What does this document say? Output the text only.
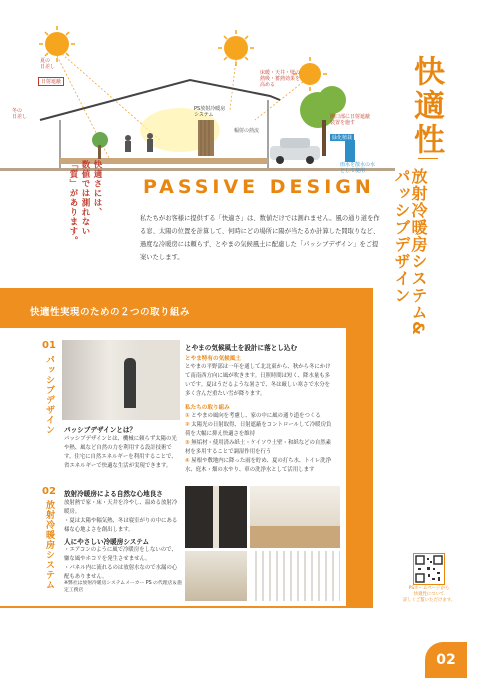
夏の
日差し
冬の
日差し
日射遮蔽
床暖・天井・壁の
熱吸・蓄熱効果を
高める
開口部に日射遮蔽
装置を施す
緑化植栽
PS放射冷暖房
システム
輻射の熱流
雨水を散水の水
として使用
快適さには、
数値では測れない
「質」があります。	PASSIVE DESIGN
私たちがお客様に提供する「快適さ」は、数値だけでは測れません。風の通り道を作る窓、太陽の位置を計算して、何時にどの場所に陽が当たるか計算した間取りなど、過度な冷暖房には頼らず、とやまの気候風土に配慮した「パッシブデザイン」をご提案いたします。
快適性
放射冷暖房システム&
パッシブデザイン
快適性実現のための２つの取り組み
01
パッシブデザイン	パッシブデザインとは？
パッシブデザインとは、機械に頼らず太陽の光や熱、風など自然の力を利用する設計技術です。住宅に自然エネルギーを利用することで、省エネルギーで快適な生活が実現できます。
とやまの気候風土を設計に落とし込む
とやま特有の気候風土
とやまの平野部は一年を通して北北東から、秋から冬にかけて南南西方向に風が吹きます。日照時間は短く、降水量も多いです。夏はうだるような暑さで、冬は厳しい寒さで水分を多く含んだ重たい雪が降ります。
私たちの取り組み
① とやまの風向を考慮し、家の中に風の通り道をつくる
② 太陽光の日射取得、日射遮蔽をコントロールして冷暖房負荷を大幅に抑え快適さを維持
③ 無垢材・使用済み紙土・ケイソウ土壁・和紙などの自然素材を多用することで調湿作用を行う
④ 屋根や敷地内に降った雨を貯め、夏の打ち水、トイレ洗浄水、庭木・畑の水やり、車の洗浄水として活用します
02
放射冷暖房システム
放射冷暖房による自然な心地良さ
放射熱で家・床・天井を冷やし、温める放射冷暖房。
・夏は太陽や輻気熱、冬は寝室がりの中にある様な心地よさを創出します。
人にやさしい冷暖房システム
・エアコンのように風で冷暖房をしないので、嫌な風やホコリを発生させません。
・パネル内に流れるのは放射水なので水漏の心配もありません。
※弊社は放射冷暖房システムメーカー PS の代理店＆施定工務店	PSホームページから
快適性について
詳しくご覧いただけます。
02
